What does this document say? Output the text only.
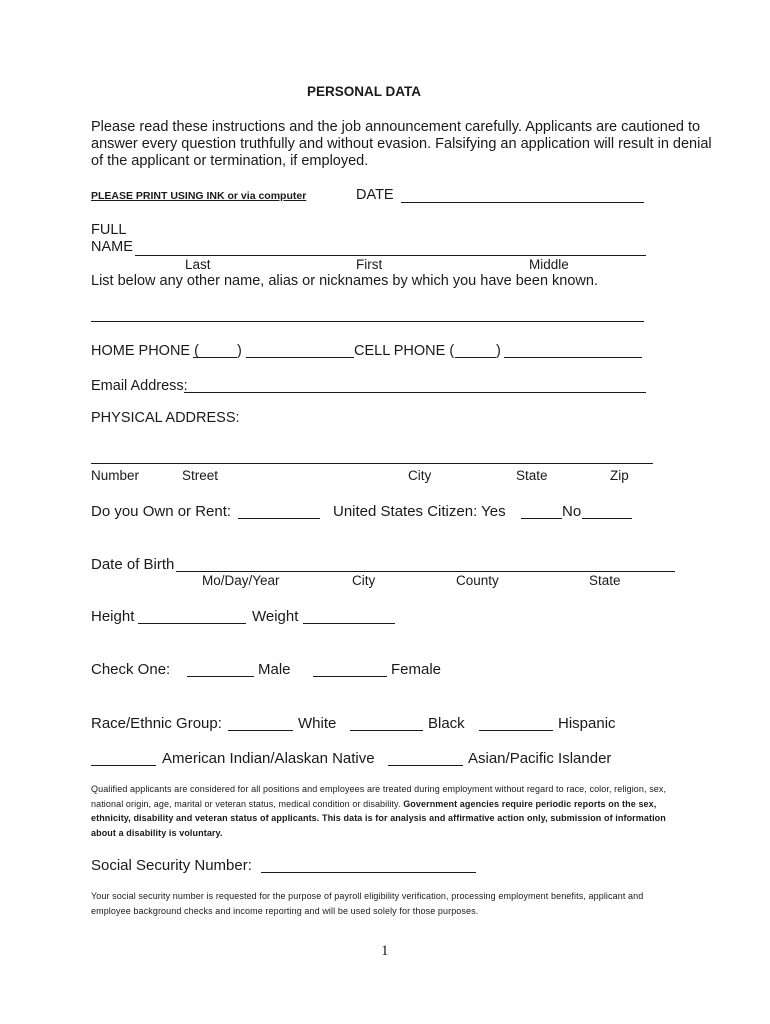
PERSONAL DATA
Please read these instructions and the job announcement carefully. Applicants are cautioned to
answer every question truthfully and without evasion. Falsifying an application will result in denial
of the applicant or termination, if employed.
PLEASE PRINT USING INK or via computer	DATE
FULL
NAME
Last	First	Middle
List below any other name, alias or nicknames by which you have been known.
HOME PHONE (	)	CELL PHONE (	)
Email Address:
PHYSICAL ADDRESS:
Number	Street	City	State	Zip
Do you Own or Rent:	United States Citizen: Yes	No
Date of Birth
Mo/Day/Year	City	County	State
Height	Weight
Check One:	Male	Female
Race/Ethnic Group:	White	Black	Hispanic
American Indian/Alaskan Native	Asian/Pacific Islander
Qualified applicants are considered for all positions and employees are treated during employment without regard to race, color, religion, sex, national origin, age, marital or veteran status, medical condition or disability. Government agencies require periodic reports on the sex, ethnicity, disability and veteran status of applicants. This data is for analysis and affirmative action only, submission of information about a disability is voluntary.
Social Security Number:
Your social security number is requested for the purpose of payroll eligibility verification, processing employment benefits, applicant and employee background checks and income reporting and will be used solely for those purposes.
1
